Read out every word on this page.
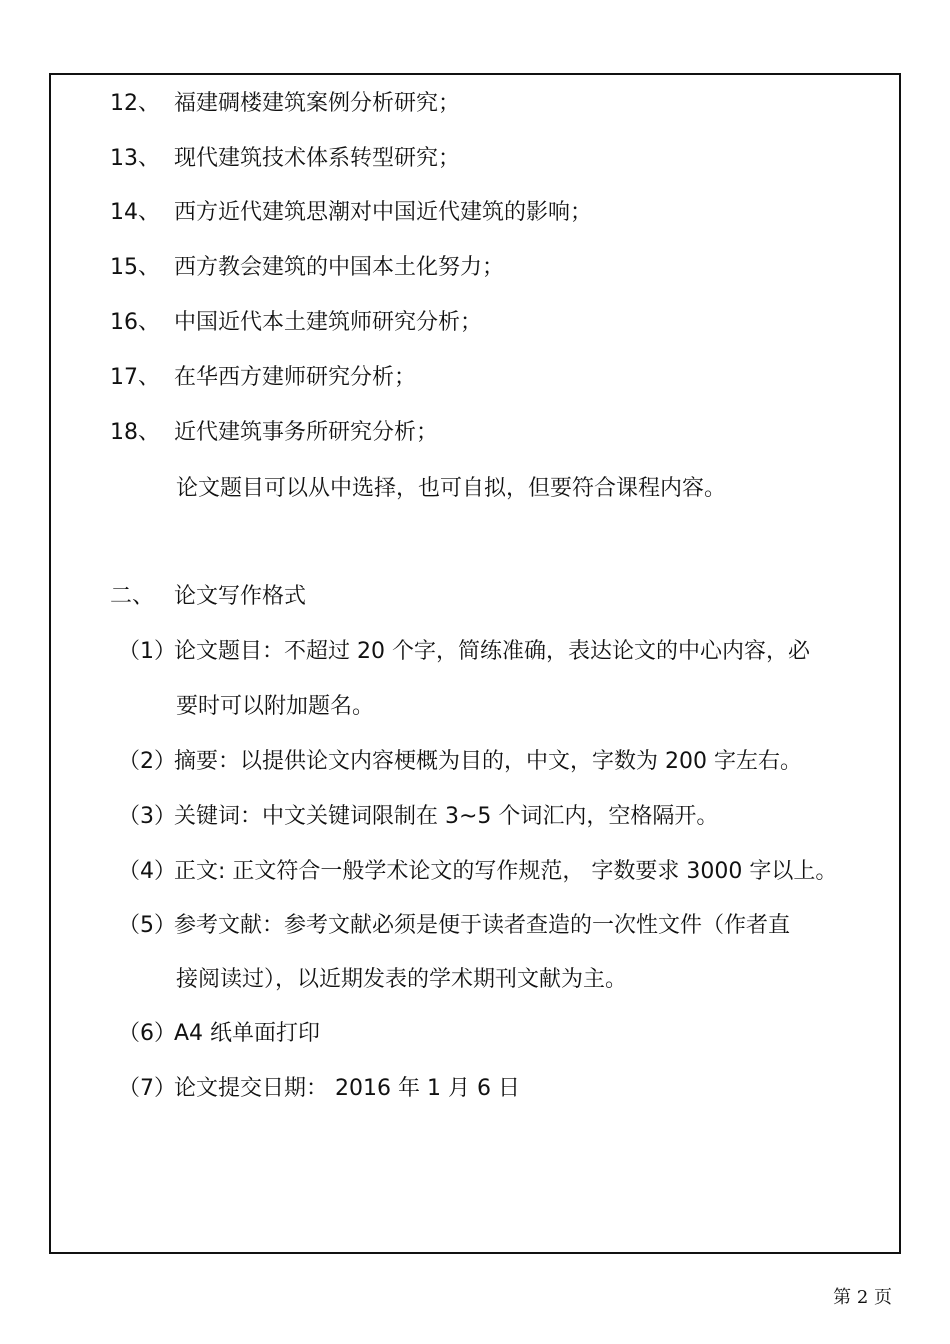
12、 福建碉楼建筑案例分析研究；
13、 现代建筑技术体系转型研究；
14、 西方近代建筑思潮对中国近代建筑的影响；
15、 西方教会建筑的中国本土化努力；
16、 中国近代本土建筑师研究分析；
17、 在华西方建师研究分析；
18、 近代建筑事务所研究分析；
论文题目可以从中选择，也可自拟，但要符合课程内容。
二、 论文写作格式
（1）
论文题目：不超过 20 个字，简练准确，表达论文的中心内容，必
要时可以附加题名。
（2）
摘要：以提供论文内容梗概为目的，中文，字数为 200 字左右。
（3）
关键词：中文关键词限制在 3~5 个词汇内，空格隔开。
（4）
正文: 正文符合一般学术论文的写作规范， 字数要求 3000 字以上。
（5）
参考文献：参考文献必须是便于读者查造的一次性文件（作者直
接阅读过），以近期发表的学术期刊文献为主。
（6）
A4 纸单面打印
（7）
论文提交日期： 2016 年 1 月 6 日
第 2 页
